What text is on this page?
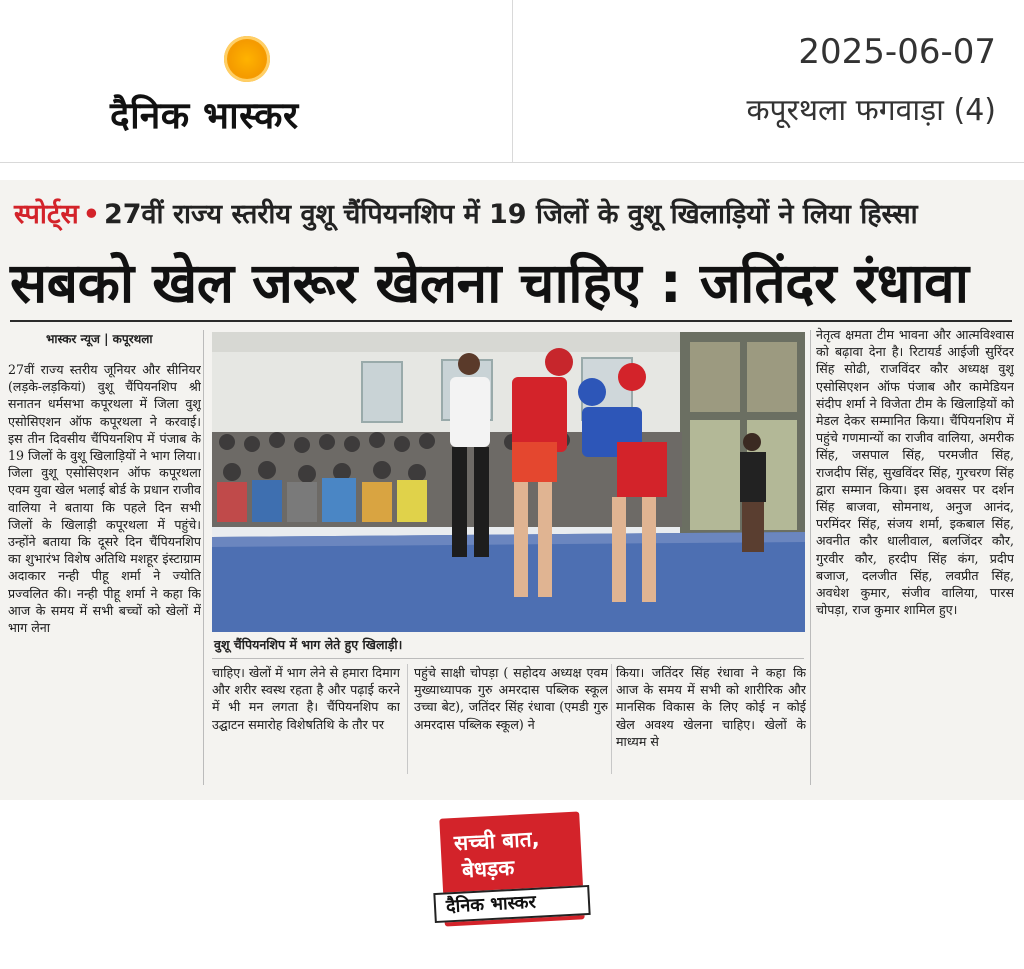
दैनिक भास्कर
2025-06-07
कपूरथला फगवाड़ा (4)
स्पोर्ट्स • 27वीं राज्य स्तरीय वुशू चैंपियनशिप में 19 जिलों के वुशू खिलाड़ियों ने लिया हिस्सा
सबको खेल जरूर खेलना चाहिए : जतिंदर रंधावा
भास्कर न्यूज | कपूरथला
27वीं राज्य स्तरीय जूनियर और सीनियर (लड़के-लड़कियां) वुशू चैंपियनशिप श्री सनातन धर्मसभा कपूरथला में जिला वुशू एसोसिएशन ऑफ कपूरथला ने करवाई। इस तीन दिवसीय चैंपियनशिप में पंजाब के 19 जिलों के वुशू खिलाड़ियों ने भाग लिया। जिला वुशू एसोसिएशन ऑफ कपूरथला एवम युवा खेल भलाई बोर्ड के प्रधान राजीव वालिया ने बताया कि पहले दिन सभी जिलों के खिलाड़ी कपूरथला में पहुंचे। उन्होंने बताया कि दूसरे दिन चैंपियनशिप का शुभारंभ विशेष अतिथि मशहूर इंस्टाग्राम अदाकार नन्ही पीहू शर्मा ने ज्योति प्रज्वलित की। नन्ही पीहू शर्मा ने कहा कि आज के समय में सभी बच्चों को खेलों में भाग लेना
वुशू चैंपियनशिप में भाग लेते हुए खिलाड़ी।
चाहिए। खेलों में भाग लेने से हमारा दिमाग और शरीर स्वस्थ रहता है और पढ़ाई करने में भी मन लगता है। चैंपियनशिप का उद्घाटन समारोह विशेषतिथि के तौर पर
पहुंचे साक्षी चोपड़ा ( सहोदय अध्यक्ष एवम मुख्याध्यापक गुरु अमरदास पब्लिक स्कूल उच्चा बेट), जतिंदर सिंह रंधावा (एमडी गुरु अमरदास पब्लिक स्कूल) ने
किया। जतिंदर सिंह रंधावा ने कहा कि आज के समय में सभी को शारीरिक और मानसिक विकास के लिए कोई न कोई खेल अवश्य खेलना चाहिए। खेलों के माध्यम से
नेतृत्व क्षमता टीम भावना और आत्मविश्वास को बढ़ावा देना है। रिटायर्ड आईजी सुरिंदर सिंह सोढी, राजविंदर कौर अध्यक्ष वुशू एसोसिएशन ऑफ पंजाब और कामेडियन संदीप शर्मा ने विजेता टीम के खिलाड़ियों को मेडल देकर सम्मानित किया। चैंपियनशिप में पहुंचे गणमान्यों का राजीव वालिया, अमरीक सिंह, जसपाल सिंह, परमजीत सिंह, राजदीप सिंह, सुखविंदर सिंह, गुरचरण सिंह द्वारा सम्मान किया। इस अवसर पर दर्शन सिंह बाजवा, सोमनाथ, अनुज आनंद, परमिंदर सिंह, संजय शर्मा, इकबाल सिंह, अवनीत कौर धालीवाल, बलजिंदर कौर, गुरवीर कौर, हरदीप सिंह कंग, प्रदीप बजाज, दलजीत सिंह, लवप्रीत सिंह, अवधेश कुमार, संजीव वालिया, पारस चोपड़ा, राज कुमार शामिल हुए।
सच्ची बात,
बेधड़क
दैनिक भास्कर
